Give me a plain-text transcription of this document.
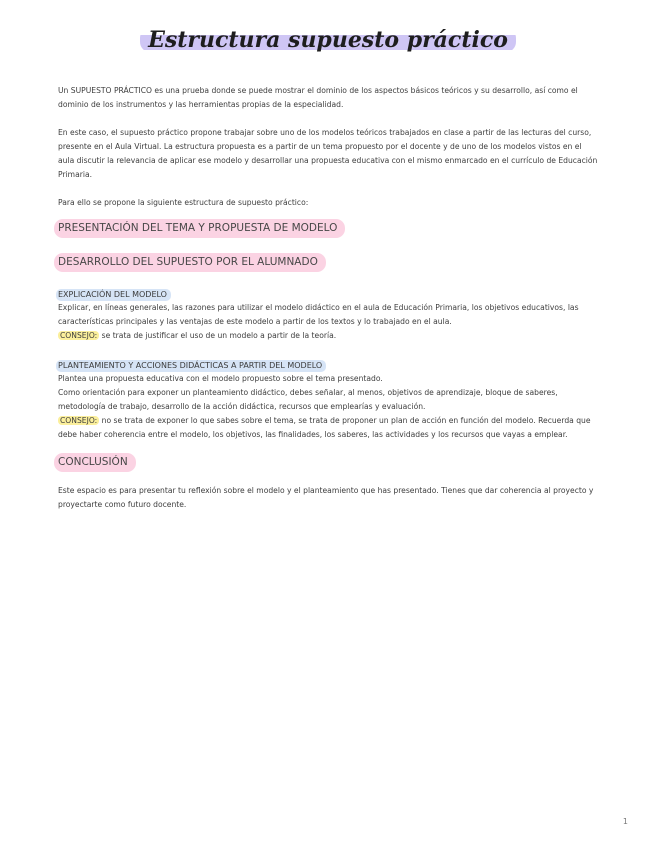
Estructura supuesto práctico

Un SUPUESTO PRÁCTICO es una prueba donde se puede mostrar el dominio de los aspectos básicos teóricos y su desarrollo, así como el dominio de los instrumentos y las herramientas propias de la especialidad.

En este caso, el supuesto práctico propone trabajar sobre uno de los modelos teóricos trabajados en clase a partir de las lecturas del curso, presente en el Aula Virtual. La estructura propuesta es a partir de un tema propuesto por el docente y de uno de los modelos vistos en el aula discutir la relevancia de aplicar ese modelo y desarrollar una propuesta educativa con el mismo enmarcado en el currículo de Educación Primaria.

Para ello se propone la siguiente estructura de supuesto práctico:

PRESENTACIÓN DEL TEMA Y PROPUESTA DE MODELO
DESARROLLO DEL SUPUESTO POR EL ALUMNADO
EXPLICACIÓN DEL MODELO

Explicar, en líneas generales, las razones para utilizar el modelo didáctico en el aula de Educación Primaria, los objetivos educativos, las características principales y las ventajas de este modelo a partir de los textos y lo trabajado en el aula.

CONSEJO: se trata de justificar el uso de un modelo a partir de la teoría.

PLANTEAMIENTO Y ACCIONES DIDÁCTICAS A PARTIR DEL MODELO

Plantea una propuesta educativa con el modelo propuesto sobre el tema presentado.

Como orientación para exponer un planteamiento didáctico, debes señalar, al menos, objetivos de aprendizaje, bloque de saberes, metodología de trabajo, desarrollo de la acción didáctica, recursos que emplearías y evaluación.

CONSEJO: no se trata de exponer lo que sabes sobre el tema, se trata de proponer un plan de acción en función del modelo. Recuerda que debe haber coherencia entre el modelo, los objetivos, las finalidades, los saberes, las actividades y los recursos que vayas a emplear.

CONCLUSIÓN

Este espacio es para presentar tu reflexión sobre el modelo y el planteamiento que has presentado. Tienes que dar coherencia al proyecto y proyectarte como futuro docente.

1
